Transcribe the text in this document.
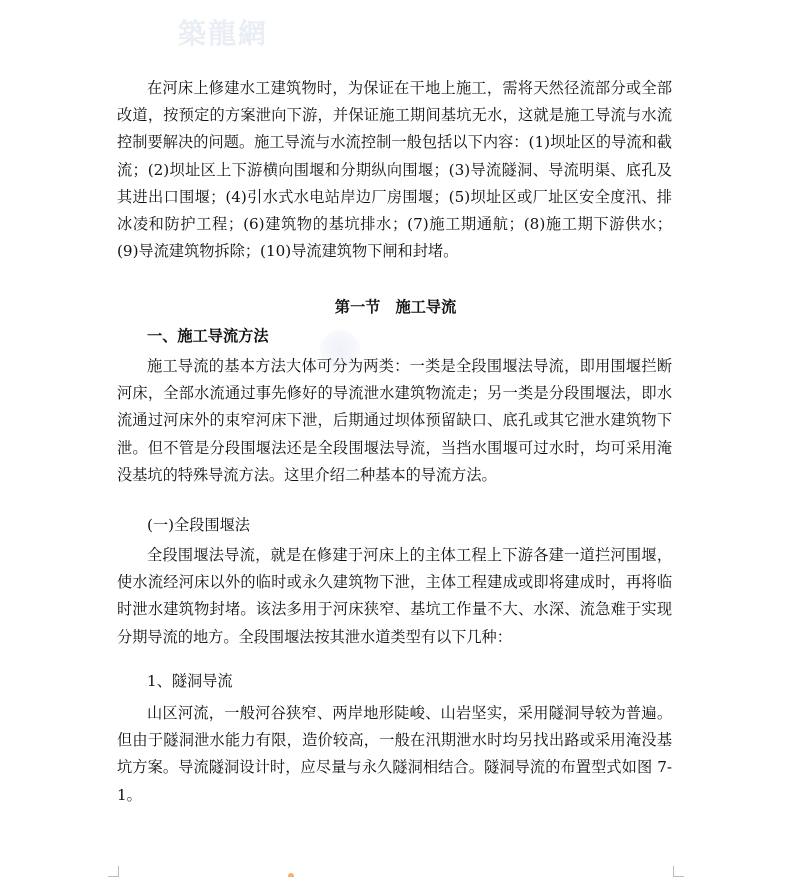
築龍網

在河床上修建水工建筑物时，为保证在干地上施工，需将天然径流部分或全部改道，按预定的方案泄向下游，并保证施工期间基坑无水，这就是施工导流与水流控制要解决的问题。施工导流与水流控制一般包括以下内容：(1)坝址区的导流和截流；(2)坝址区上下游横向围堰和分期纵向围堰；(3)导流隧洞、导流明渠、底孔及其进出口围堰；(4)引水式水电站岸边厂房围堰；(5)坝址区或厂址区安全度汛、排冰凌和防护工程；(6)建筑物的基坑排水；(7)施工期通航；(8)施工期下游供水；(9)导流建筑物拆除；(10)导流建筑物下闸和封堵。

第一节　施工导流
一、施工导流方法

施工导流的基本方法大体可分为两类：一类是全段围堰法导流，即用围堰拦断河床，全部水流通过事先修好的导流泄水建筑物流走；另一类是分段围堰法，即水流通过河床外的束窄河床下泄，后期通过坝体预留缺口、底孔或其它泄水建筑物下泄。但不管是分段围堰法还是全段围堰法导流，当挡水围堰可过水时，均可采用淹没基坑的特殊导流方法。这里介绍二种基本的导流方法。

(一)全段围堰法

全段围堰法导流，就是在修建于河床上的主体工程上下游各建一道拦河围堰，使水流经河床以外的临时或永久建筑物下泄，主体工程建成或即将建成时，再将临时泄水建筑物封堵。该法多用于河床狭窄、基坑工作量不大、水深、流急难于实现分期导流的地方。全段围堰法按其泄水道类型有以下几种：

1、隧洞导流

山区河流，一般河谷狭窄、两岸地形陡峻、山岩坚实，采用隧洞导较为普遍。但由于隧洞泄水能力有限，造价较高，一般在汛期泄水时均另找出路或采用淹没基坑方案。导流隧洞设计时，应尽量与永久隧洞相结合。隧洞导流的布置型式如图 7-1。
